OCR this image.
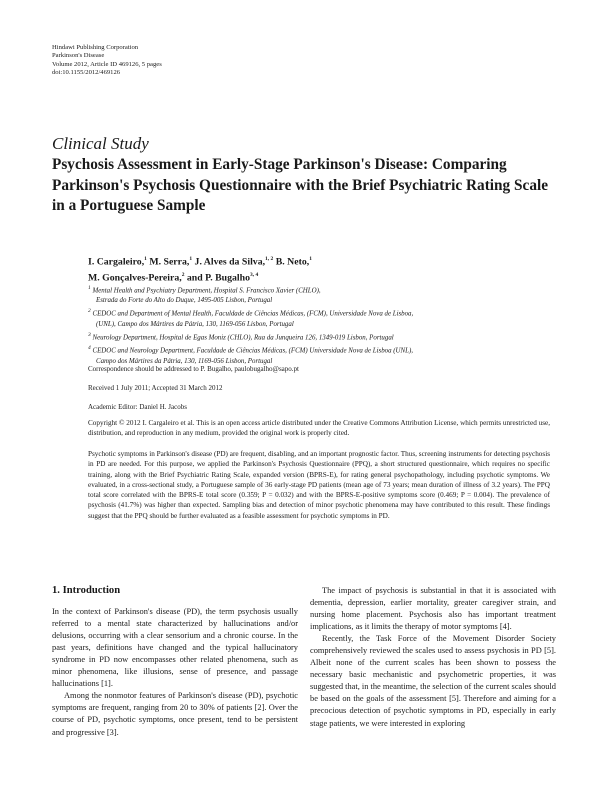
Hindawi Publishing Corporation
Parkinson's Disease
Volume 2012, Article ID 469126, 5 pages
doi:10.1155/2012/469126
Clinical Study
Psychosis Assessment in Early-Stage Parkinson's Disease: Comparing Parkinson's Psychosis Questionnaire with the Brief Psychiatric Rating Scale in a Portuguese Sample
I. Cargaleiro,$^1$ M. Serra,$^1$ J. Alves da Silva,$^{1, 2}$ B. Neto,$^1$
M. Gonçalves-Pereira,$^2$ and P. Bugalho$^{3, 4}$
$^1$ Mental Health and Psychiatry Department, Hospital S. Francisco Xavier (CHLO),
Estrada do Forte do Alto do Duque, 1495-005 Lisbon, Portugal
$^2$ CEDOC and Department of Mental Health, Faculdade de Ciências Médicas, (FCM), Universidade Nova de Lisboa,
(UNL), Campo dos Mártires da Pátria, 130, 1169-056 Lisbon, Portugal
$^3$ Neurology Department, Hospital de Egas Moniz (CHLO), Rua da Junqueira 126, 1349-019 Lisbon, Portugal
$^4$ CEDOC and Neurology Department, Faculdade de Ciências Médicas, (FCM) Universidade Nova de Lisboa (UNL),
Campo dos Mártires da Pátria, 130, 1169-056 Lisbon, Portugal
Correspondence should be addressed to P. Bugalho, paulobugalho@sapo.pt
Received 1 July 2011; Accepted 31 March 2012
Academic Editor: Daniel H. Jacobs
Copyright © 2012 I. Cargaleiro et al. This is an open access article distributed under the Creative Commons Attribution License, which permits unrestricted use, distribution, and reproduction in any medium, provided the original work is properly cited.
Psychotic symptoms in Parkinson's disease (PD) are frequent, disabling, and an important prognostic factor. Thus, screening instruments for detecting psychosis in PD are needed. For this purpose, we applied the Parkinson's Psychosis Questionnaire (PPQ), a short structured questionnaire, which requires no specific training, along with the Brief Psychiatric Rating Scale, expanded version (BPRS-E), for rating general psychopathology, including psychotic symptoms. We evaluated, in a cross-sectional study, a Portuguese sample of 36 early-stage PD patients (mean age of 73 years; mean duration of illness of 3.2 years). The PPQ total score correlated with the BPRS-E total score (0.359; P = 0.032) and with the BPRS-E-positive symptoms score (0.469; P = 0.004). The prevalence of psychosis (41.7%) was higher than expected. Sampling bias and detection of minor psychotic phenomena may have contributed to this result. These findings suggest that the PPQ should be further evaluated as a feasible assessment for psychotic symptoms in PD.
1. Introduction

In the context of Parkinson's disease (PD), the term psychosis usually referred to a mental state characterized by hallucinations and/or delusions, occurring with a clear sensorium and a chronic course. In the past years, definitions have changed and the typical hallucinatory syndrome in PD now encompasses other related phenomena, such as minor phenomena, like illusions, sense of presence, and passage hallucinations [1].

Among the nonmotor features of Parkinson's disease (PD), psychotic symptoms are frequent, ranging from 20 to 30% of patients [2]. Over the course of PD, psychotic symptoms, once present, tend to be persistent and progressive [3].

The impact of psychosis is substantial in that it is associated with dementia, depression, earlier mortality, greater caregiver strain, and nursing home placement. Psychosis also has important treatment implications, as it limits the therapy of motor symptoms [4].

Recently, the Task Force of the Movement Disorder Society comprehensively reviewed the scales used to assess psychosis in PD [5]. Albeit none of the current scales has been shown to possess the necessary basic mechanistic and psychometric properties, it was suggested that, in the meantime, the selection of the current scales should be based on the goals of the assessment [5]. Therefore and aiming for a precocious detection of psychotic symptoms in PD, especially in early stage patients, we were interested in exploring
